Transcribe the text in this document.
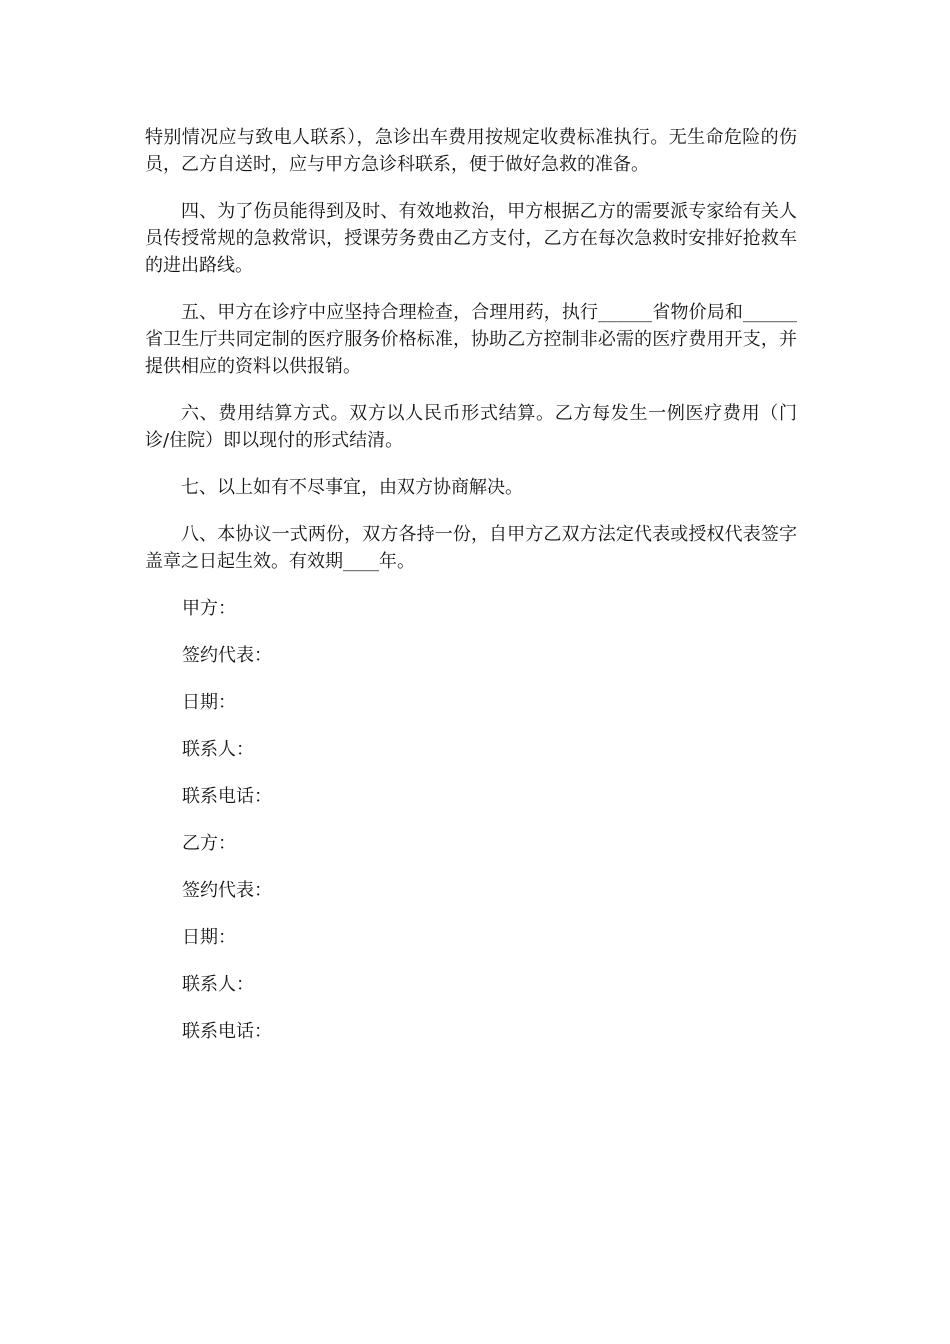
特别情况应与致电人联系），急诊出车费用按规定收费标准执行。无生命危险的伤员，乙方自送时，应与甲方急诊科联系，便于做好急救的准备。

四、为了伤员能得到及时、有效地救治，甲方根据乙方的需要派专家给有关人员传授常规的急救常识，授课劳务费由乙方支付，乙方在每次急救时安排好抢救车的进出路线。

五、甲方在诊疗中应坚持合理检查，合理用药，执行______省物价局和______省卫生厅共同定制的医疗服务价格标准，协助乙方控制非必需的医疗费用开支，并提供相应的资料以供报销。

六、费用结算方式。双方以人民币形式结算。乙方每发生一例医疗费用（门诊/住院）即以现付的形式结清。

七、以上如有不尽事宜，由双方协商解决。

八、本协议一式两份，双方各持一份，自甲方乙双方法定代表或授权代表签字盖章之日起生效。有效期____年。

甲方：
签约代表：
日期：
联系人：
联系电话：
乙方：
签约代表：
日期：
联系人：
联系电话：
